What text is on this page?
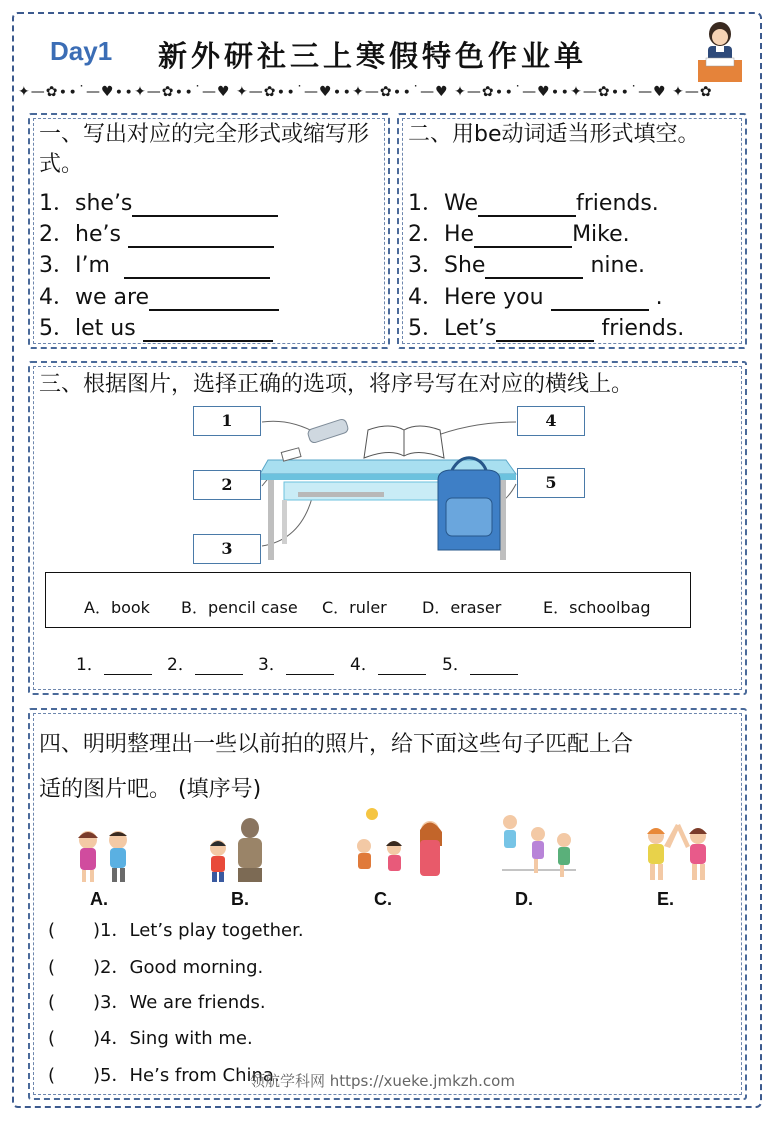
Day1 新外研社三上寒假特色作业单
✦—✿∙∙˙—♥∙∙✦—✿∙∙˙—♥ ✦—✿∙∙˙—♥∙∙✦—✿∙∙˙—♥ ✦—✿∙∙˙—♥∙∙✦—✿∙∙˙—♥ ✦—✿
一、写出对应的完全形式或缩写形式。
1．she’s
2．he’s
3．I’m
4．we are
5．let us
二、用be动词适当形式填空。
1．We	friends.
2．He	Mike.
3．She	nine.
4．Here you	.
5．Let’s	friends.
三、根据图片，选择正确的选项，将序号写在对应的横线上。
1
2
3
4
5
A．book B．pencil case C．ruler D．eraser	E．schoolbag
1．	2．	3．	4．	5．
四、明明整理出一些以前拍的照片，给下面这些句子匹配上合
适的图片吧。 (填序号)
A.	B.	C.	D.	E.
( )1．Let’s play together.
( )2．Good morning.
( )3．We are friends.
( )4．Sing with me.
( )5．He’s from China.
领航学科网 https://xueke.jmkzh.com
